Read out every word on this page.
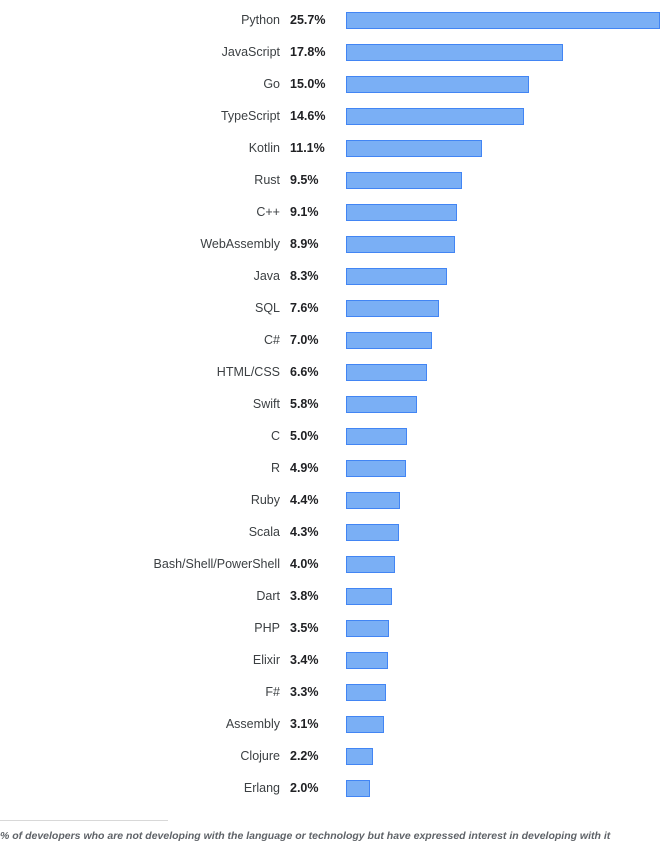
Python 25.7%
JavaScript 17.8%
Go 15.0%
TypeScript 14.6%
Kotlin 11.1%
Rust 9.5%
C++ 9.1%
WebAssembly 8.9%
Java 8.3%
SQL 7.6%
C# 7.0%
HTML/CSS 6.6%
Swift 5.8%
C 5.0%
R 4.9%
Ruby 4.4%
Scala 4.3%
Bash/Shell/PowerShell 4.0%
Dart 3.8%
PHP 3.5%
Elixir 3.4%
F# 3.3%
Assembly 3.1%
Clojure 2.2%
Erlang 2.0%
% of developers who are not developing with the language or technology but have expressed interest in developing with it
